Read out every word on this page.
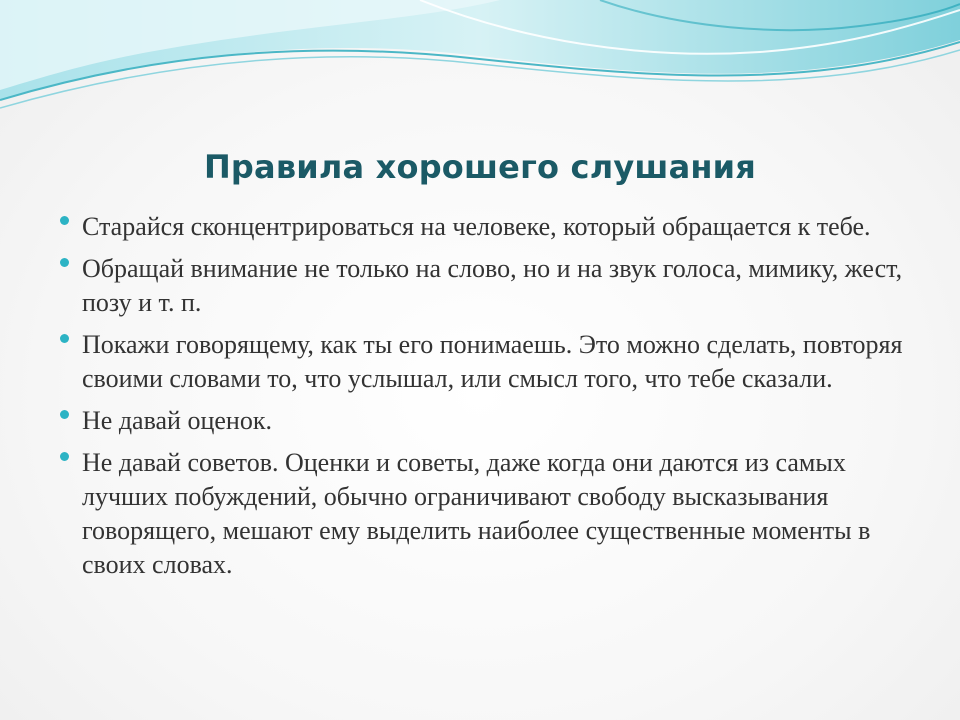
Правила хорошего слушания
Старайся сконцентрироваться на человеке, который обращается к тебе.
Обращай внимание не только на слово, но и на звук голоса, мимику, жест, позу и т. п.
Покажи говорящему, как ты его понимаешь. Это можно сделать, повторяя своими словами то, что услышал, или смысл того, что тебе сказали.
Не давай оценок.
Не давай советов. Оценки и советы, даже когда они даются из самых лучших побуждений, обычно ограничивают свободу высказывания говорящего, мешают ему выделить наиболее существенные моменты в своих словах.
